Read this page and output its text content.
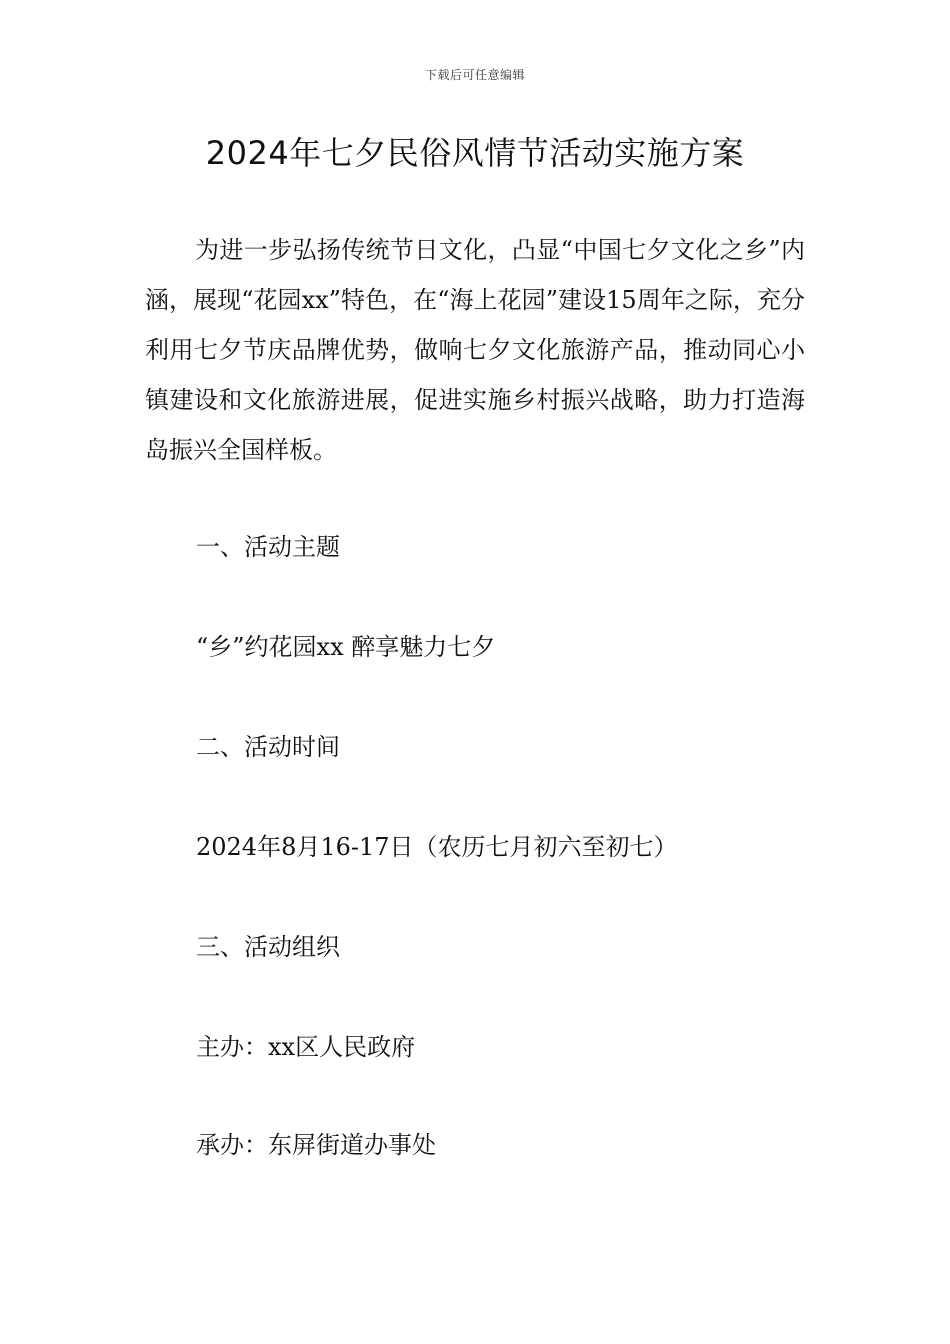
下载后可任意编辑
2024年七夕民俗风情节活动实施方案

为进一步弘扬传统节日文化，凸显“中国七夕文化之乡”内涵，展现“花园xx”特色，在“海上花园”建设15周年之际，充分利用七夕节庆品牌优势，做响七夕文化旅游产品，推动同心小镇建设和文化旅游进展，促进实施乡村振兴战略，助力打造海岛振兴全国样板。

一、活动主题

“乡”约花园xx 醉享魅力七夕

二、活动时间

2024年8月16-17日（农历七月初六至初七）

三、活动组织

主办：xx区人民政府

承办：东屏街道办事处
